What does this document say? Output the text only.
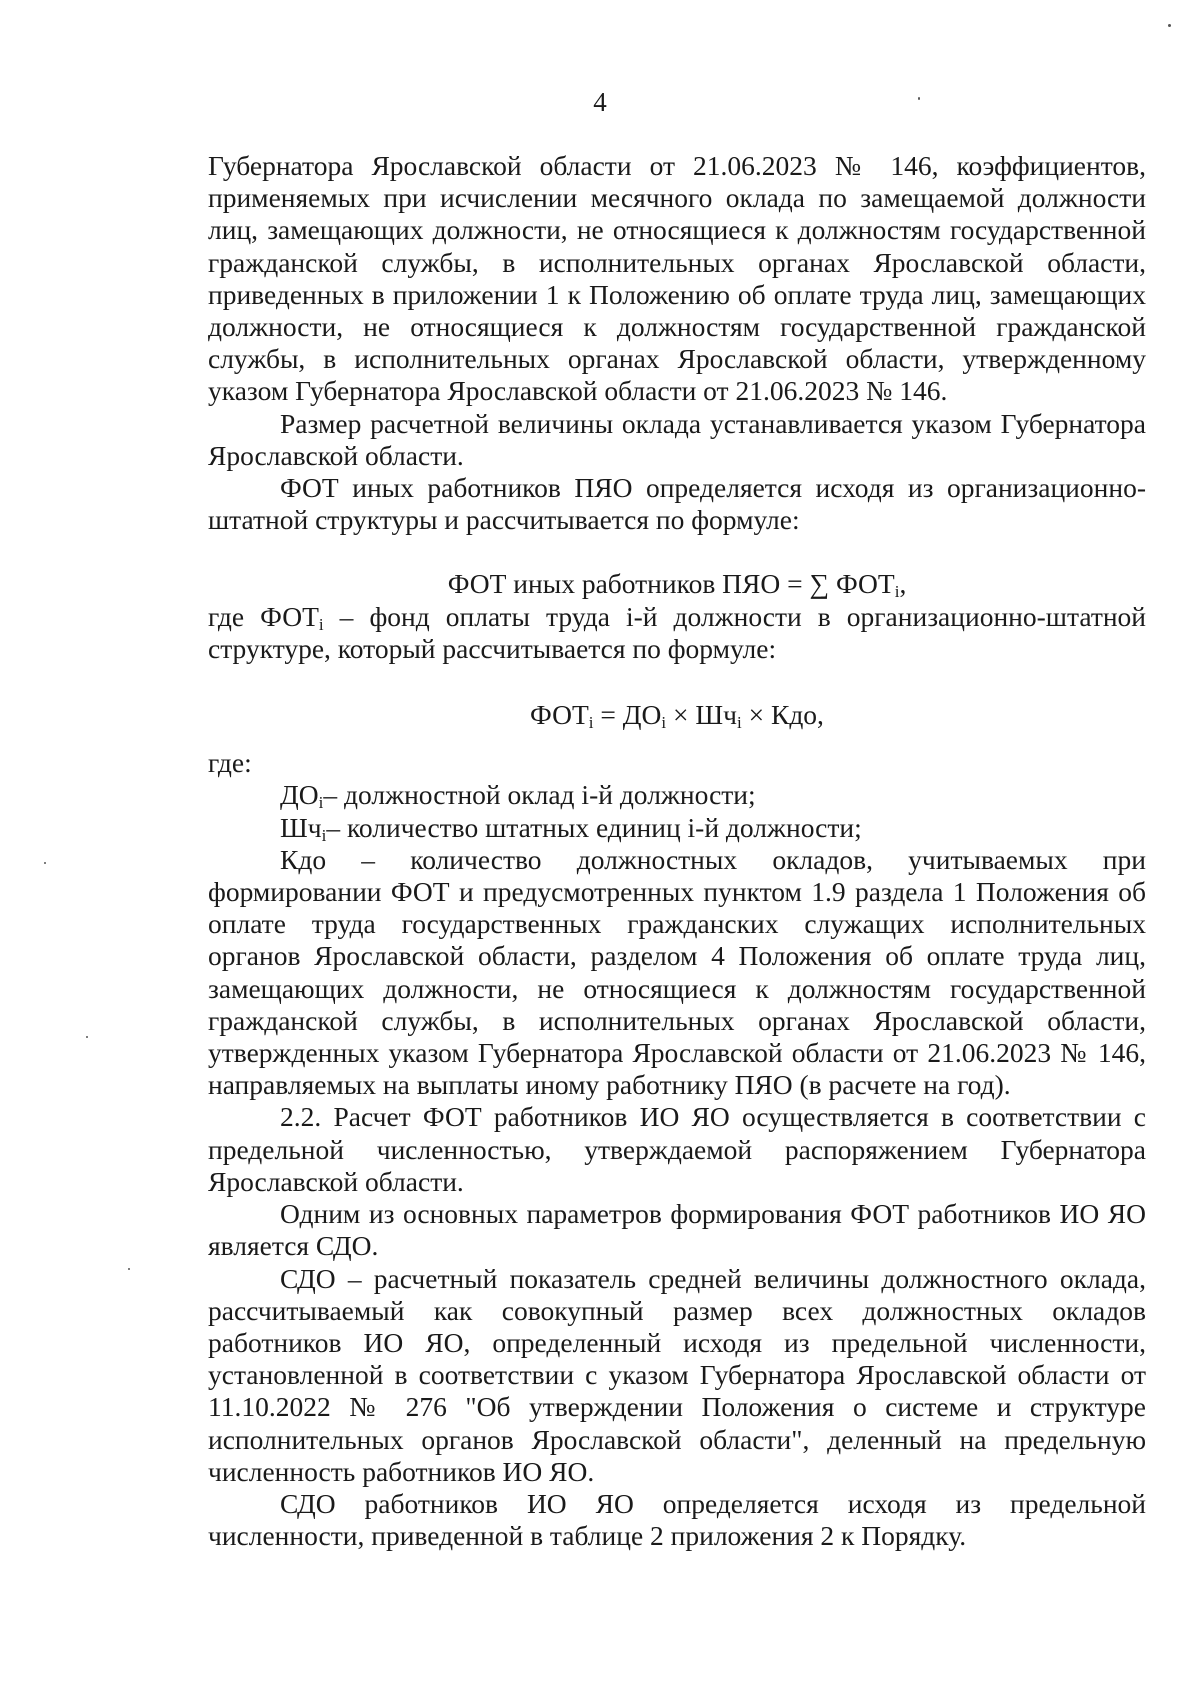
4

Губернатора Ярославской области от 21.06.2023 № 146, коэффициентов, применяемых при исчислении месячного оклада по замещаемой должности лиц, замещающих должности, не относящиеся к должностям государственной гражданской службы, в исполнительных органах Ярославской области, приведенных в приложении 1 к Положению об оплате труда лиц, замещающих должности, не относящиеся к должностям государственной гражданской службы, в исполнительных органах Ярославской области, утвержденному указом Губернатора Ярославской области от 21.06.2023 № 146.

Размер расчетной величины оклада устанавливается указом Губернатора Ярославской области.

ФОТ иных работников ПЯО определяется исходя из организационно-штатной структуры и рассчитывается по формуле:

ФОТ иных работников ПЯО = ∑ $ФОТ_i$,

где $ФОТ_i$ – фонд оплаты труда i-й должности в организационно-штатной структуре, который рассчитывается по формуле:

$ФОТ_i = ДО_i \times Шч_i$ × Кдо,

где:

$ДО_i-$ должностной оклад i-й должности;

$Шч_i-$ количество штатных единиц i-й должности;

Кдо – количество должностных окладов, учитываемых при

формировании ФОТ и предусмотренных пунктом 1.9 раздела 1 Положения об оплате труда государственных гражданских служащих исполнительных органов Ярославской области, разделом 4 Положения об оплате труда лиц, замещающих должности, не относящиеся к должностям государственной гражданской службы, в исполнительных органах Ярославской области, утвержденных указом Губернатора Ярославской области от 21.06.2023 № 146, направляемых на выплаты иному работнику ПЯО (в расчете на год).

2.2. Расчет ФОТ работников ИО ЯО осуществляется в соответствии с предельной численностью, утверждаемой распоряжением Губернатора Ярославской области.

Одним из основных параметров формирования ФОТ работников ИО ЯО является СДО.

СДО – расчетный показатель средней величины должностного оклада, рассчитываемый как совокупный размер всех должностных окладов работников ИО ЯО, определенный исходя из предельной численности, установленной в соответствии с указом Губернатора Ярославской области от 11.10.2022 № 276 "Об утверждении Положения о системе и структуре исполнительных органов Ярославской области", деленный на предельную численность работников ИО ЯО.

СДО работников ИО ЯО определяется исходя из предельной численности, приведенной в таблице 2 приложения 2 к Порядку.
